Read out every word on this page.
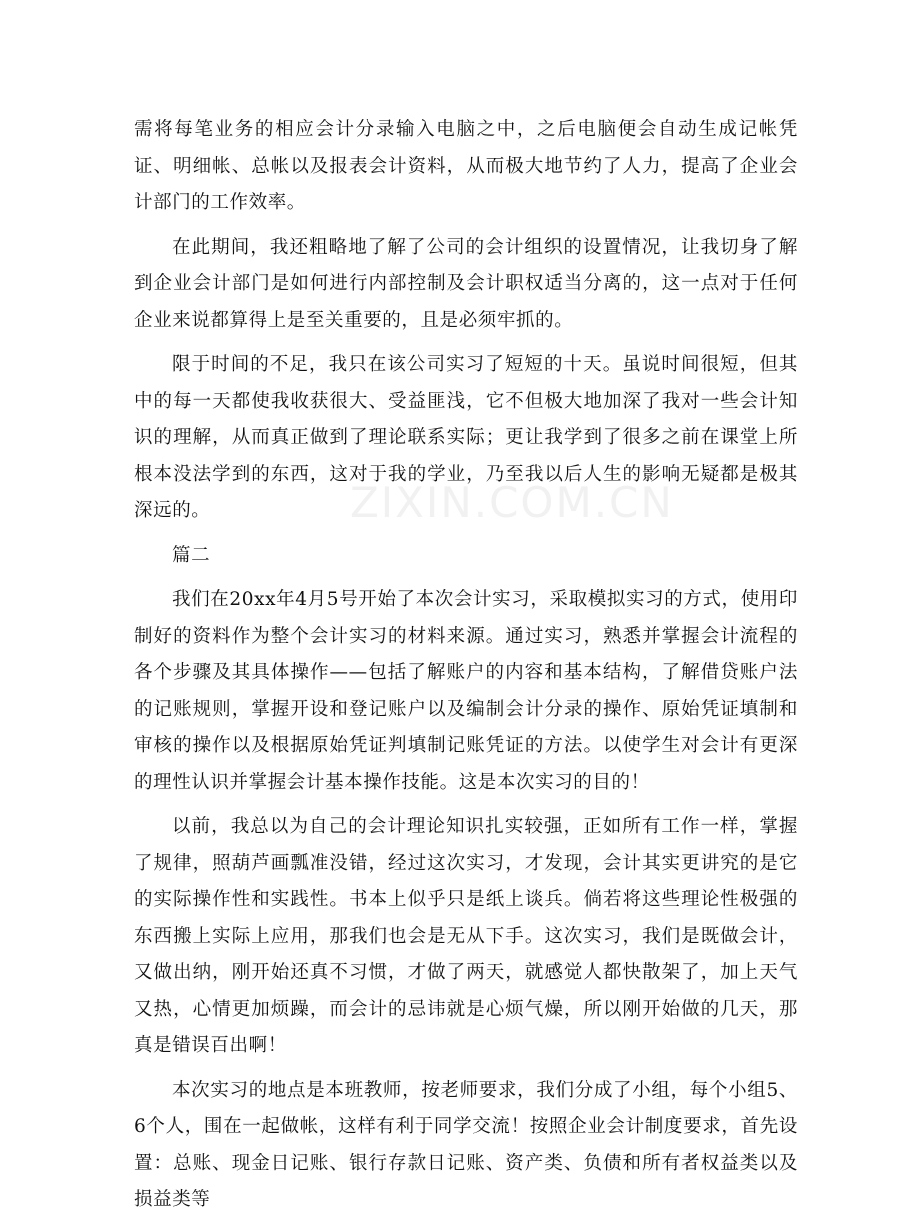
需将每笔业务的相应会计分录输入电脑之中，之后电脑便会自动生成记帐凭证、明细帐、总帐以及报表会计资料，从而极大地节约了人力，提高了企业会计部门的工作效率。

在此期间，我还粗略地了解了公司的会计组织的设置情况，让我切身了解到企业会计部门是如何进行内部控制及会计职权适当分离的，这一点对于任何企业来说都算得上是至关重要的，且是必须牢抓的。

限于时间的不足，我只在该公司实习了短短的十天。虽说时间很短，但其中的每一天都使我收获很大、受益匪浅，它不但极大地加深了我对一些会计知识的理解，从而真正做到了理论联系实际；更让我学到了很多之前在课堂上所根本没法学到的东西，这对于我的学业，乃至我以后人生的影响无疑都是极其深远的。

篇二

我们在20xx年4月5号开始了本次会计实习，采取模拟实习的方式，使用印制好的资料作为整个会计实习的材料来源。通过实习，熟悉并掌握会计流程的各个步骤及其具体操作——包括了解账户的内容和基本结构，了解借贷账户法的记账规则，掌握开设和登记账户以及编制会计分录的操作、原始凭证填制和审核的操作以及根据原始凭证判填制记账凭证的方法。以使学生对会计有更深的理性认识并掌握会计基本操作技能。这是本次实习的目的！

以前，我总以为自己的会计理论知识扎实较强，正如所有工作一样，掌握了规律，照葫芦画瓢准没错，经过这次实习，才发现，会计其实更讲究的是它的实际操作性和实践性。书本上似乎只是纸上谈兵。倘若将这些理论性极强的东西搬上实际上应用，那我们也会是无从下手。这次实习，我们是既做会计，又做出纳，刚开始还真不习惯，才做了两天，就感觉人都快散架了，加上天气又热，心情更加烦躁，而会计的忌讳就是心烦气燥，所以刚开始做的几天，那真是错误百出啊！

本次实习的地点是本班教师，按老师要求，我们分成了小组，每个小组5、6个人，围在一起做帐，这样有利于同学交流！按照企业会计制度要求，首先设置：总账、现金日记账、银行存款日记账、资产类、负债和所有者权益类以及损益类等

ZIXIN.COM.CN
